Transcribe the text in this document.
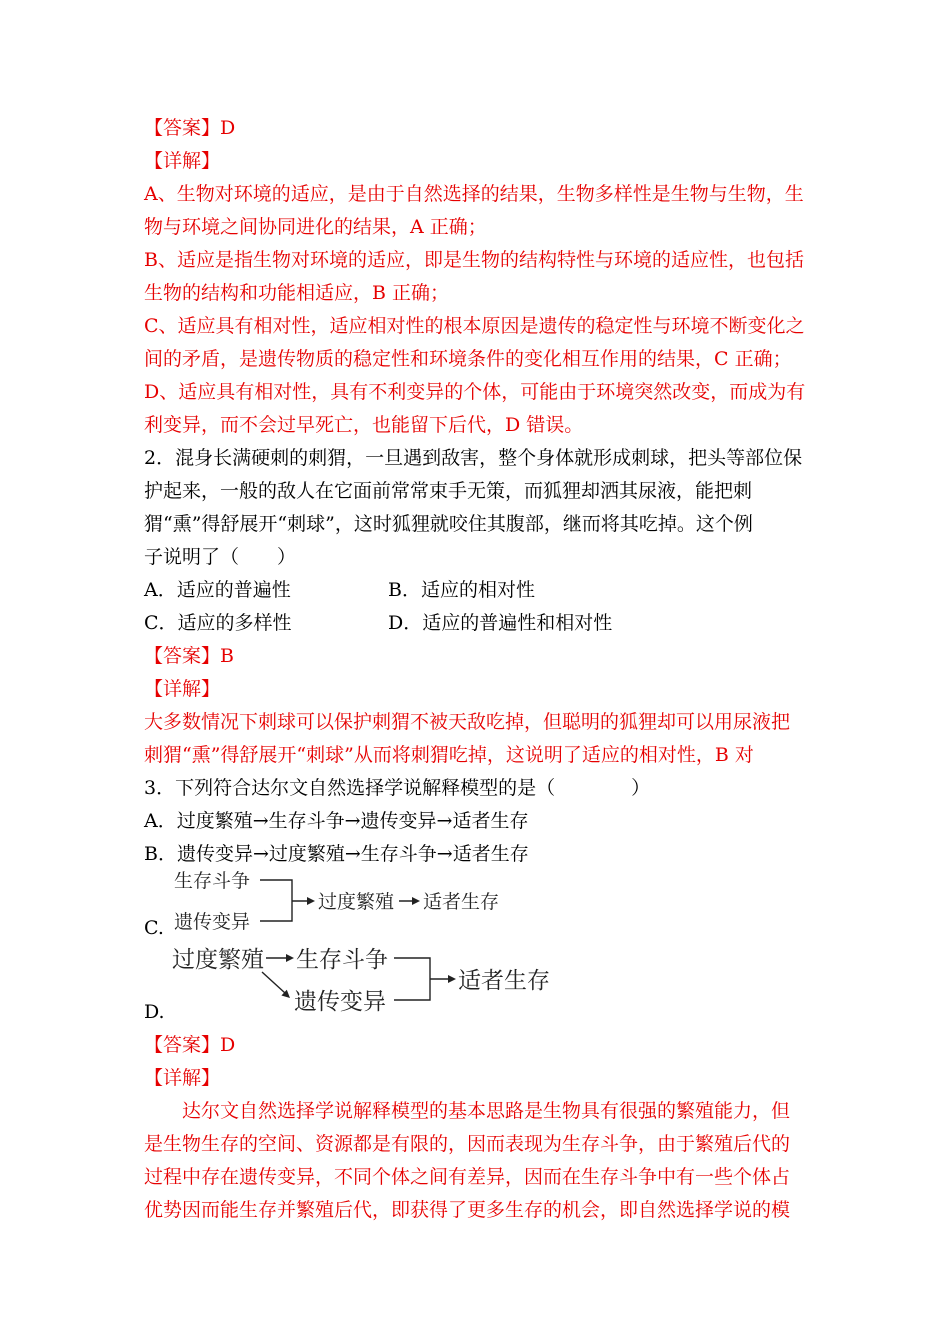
【答案】D
【详解】
A、生物对环境的适应，是由于自然选择的结果，生物多样性是生物与生物，生
物与环境之间协同进化的结果，A 正确；
B、适应是指生物对环境的适应，即是生物的结构特性与环境的适应性，也包括
生物的结构和功能相适应，B 正确；
C、适应具有相对性，适应相对性的根本原因是遗传的稳定性与环境不断变化之
间的矛盾，是遗传物质的稳定性和环境条件的变化相互作用的结果，C 正确；
D、适应具有相对性，具有不利变异的个体，可能由于环境突然改变，而成为有
利变异，而不会过早死亡，也能留下后代，D 错误。
2．混身长满硬刺的刺猬，一旦遇到敌害，整个身体就形成刺球，把头等部位保
护起来，一般的敌人在它面前常常束手无策，而狐狸却洒其尿液，能把刺
猬“熏”得舒展开“刺球”，这时狐狸就咬住其腹部，继而将其吃掉。这个例
子说明了（　　）
A．适应的普遍性	B．适应的相对性
C．适应的多样性	D．适应的普遍性和相对性
【答案】B
【详解】
大多数情况下刺球可以保护刺猬不被天敌吃掉，但聪明的狐狸却可以用尿液把
刺猬“熏”得舒展开“刺球”从而将刺猬吃掉，这说明了适应的相对性，B 对
3．下列符合达尔文自然选择学说解释模型的是（　　　　）
A．过度繁殖→生存斗争→遗传变异→适者生存
B．遗传变异→过度繁殖→生存斗争→适者生存
C.
生存斗争
遗传变异
过度繁殖 适者生存
D.
过度繁殖 生存斗争
遗传变异
适者生存
【答案】D
【详解】
　　达尔文自然选择学说解释模型的基本思路是生物具有很强的繁殖能力，但
是生物生存的空间、资源都是有限的，因而表现为生存斗争，由于繁殖后代的
过程中存在遗传变异，不同个体之间有差异，因而在生存斗争中有一些个体占
优势因而能生存并繁殖后代，即获得了更多生存的机会，即自然选择学说的模
